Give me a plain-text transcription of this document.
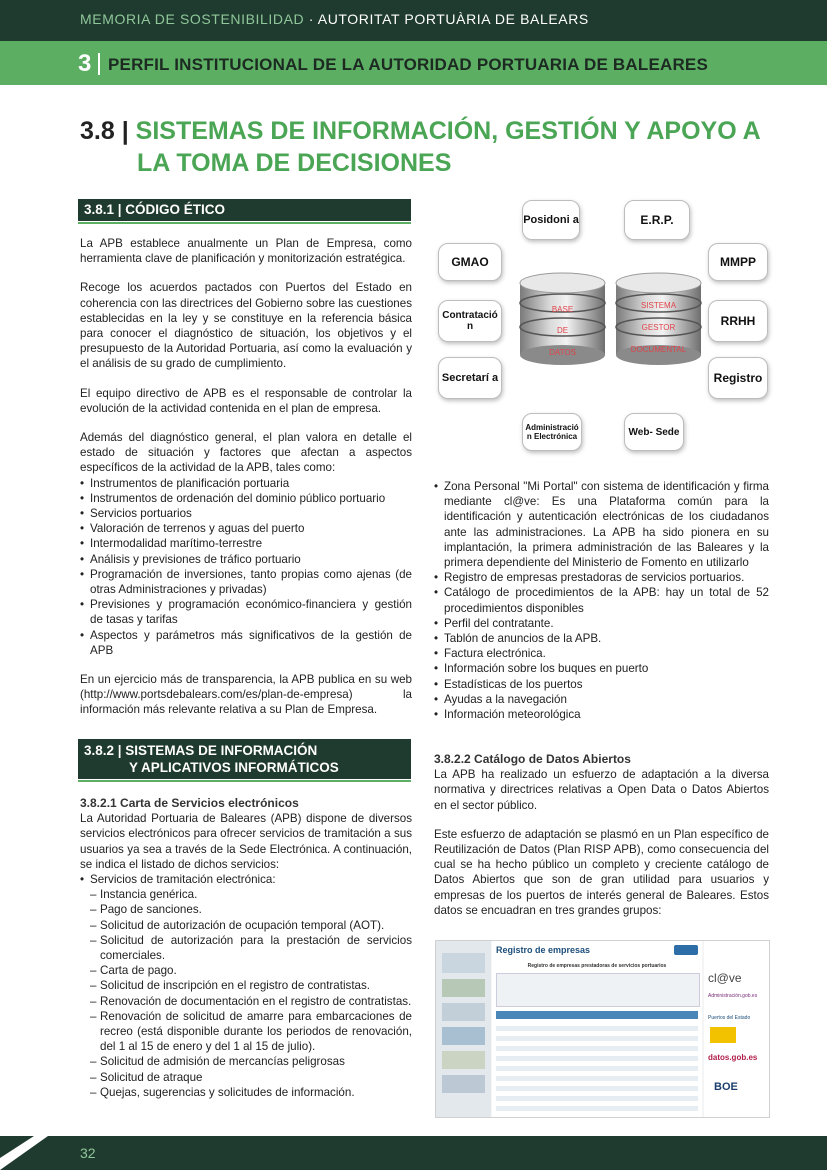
MEMORIA DE SOSTENIBILIDAD · AUTORITAT PORTUÀRIA DE BALEARS
3 PERFIL INSTITUCIONAL DE LA AUTORIDAD PORTUARIA DE BALEARES
3.8 | SISTEMAS DE INFORMACIÓN, GESTIÓN Y APOYO A
LA TOMA DE DECISIONES
3.8.1 | CÓDIGO ÉTICO

La APB establece anualmente un Plan de Empresa, como herramienta clave de planificación y monitorización estratégica.

Recoge los acuerdos pactados con Puertos del Estado en coherencia con las directrices del Gobierno sobre las cuestiones establecidas en la ley y se constituye en la referencia básica para conocer el diagnóstico de situación, los objetivos y el presupuesto de la Autoridad Portuaria, así como la evaluación y el análisis de su grado de cumplimiento.

El equipo directivo de APB es el responsable de controlar la evolución de la actividad contenida en el plan de empresa.

Además del diagnóstico general, el plan valora en detalle el estado de situación y factores que afectan a aspectos específicos de la actividad de la APB, tales como:

• Instrumentos de planificación portuaria
• Instrumentos de ordenación del dominio público portuario
• Servicios portuarios
• Valoración de terrenos y aguas del puerto
• Intermodalidad marítimo-terrestre
• Análisis y previsiones de tráfico portuario
• Programación de inversiones, tanto propias como ajenas (de otras Administraciones y privadas)
• Previsiones y programación económico-financiera y gestión de tasas y tarifas
• Aspectos y parámetros más significativos de la gestión de APB

En un ejercicio más de transparencia, la APB publica en su web (http://www.portsdebalears.com/es/plan-de-empresa) la información más relevante relativa a su Plan de Empresa.

3.8.2 | SISTEMAS DE INFORMACIÓN
Y APLICATIVOS INFORMÁTICOS
3.8.2.1 Carta de Servicios electrónicos

La Autoridad Portuaria de Baleares (APB) dispone de diversos servicios electrónicos para ofrecer servicios de tramitación a sus usuarios ya sea a través de la Sede Electrónica. A continuación, se indica el listado de dichos servicios:

• Servicios de tramitación electrónica:
– Instancia genérica.
– Pago de sanciones.
– Solicitud de autorización de ocupación temporal (AOT).
– Solicitud de autorización para la prestación de servicios comerciales.
– Carta de pago.
– Solicitud de inscripción en el registro de contratistas.
– Renovación de documentación en el registro de contratistas.
– Renovación de solicitud de amarre para embarcaciones de recreo (está disponible durante los periodos de renovación, del 1 al 15 de enero y del 1 al 15 de julio).
– Solicitud de admisión de mercancías peligrosas
– Solicitud de atraque
– Quejas, sugerencias y solicitudes de información.
BASE
DE
DATOS
SISTEMA
GESTOR
DOCUMENTAL
Posidoni a	E.R.P.
GMAO	MMPP
Contratació n	RRHH
Secretarí a	Registro
Administració n Electrónica	Web- Sede
• Zona Personal "Mi Portal" con sistema de identificación y firma mediante cl@ve: Es una Plataforma común para la identificación y autenticación electrónicas de los ciudadanos ante las administraciones. La APB ha sido pionera en su implantación, la primera administración de las Baleares y la primera dependiente del Ministerio de Fomento en utilizarlo
• Registro de empresas prestadoras de servicios portuarios.
• Catálogo de procedimientos de la APB: hay un total de 52 procedimientos disponibles
• Perfil del contratante.
• Tablón de anuncios de la APB.
• Factura electrónica.
• Información sobre los buques en puerto
• Estadísticas de los puertos
• Ayudas a la navegación
• Información meteorológica
3.8.2.2 Catálogo de Datos Abiertos

La APB ha realizado un esfuerzo de adaptación a la diversa normativa y directrices relativas a Open Data o Datos Abiertos en el sector público.

Este esfuerzo de adaptación se plasmó en un Plan específico de Reutilización de Datos (Plan RISP APB), como consecuencia del cual se ha hecho público un completo y creciente catálogo de Datos Abiertos que son de gran utilidad para usuarios y empresas de los puertos de interés general de Baleares. Estos datos se encuadran en tres grandes grupos:

Registro de empresas
Registro de empresas prestadoras de servicios portuarios
cl@ve
Administración.gob.es
Puertos del Estado
datos.gob.es
BOE
32
